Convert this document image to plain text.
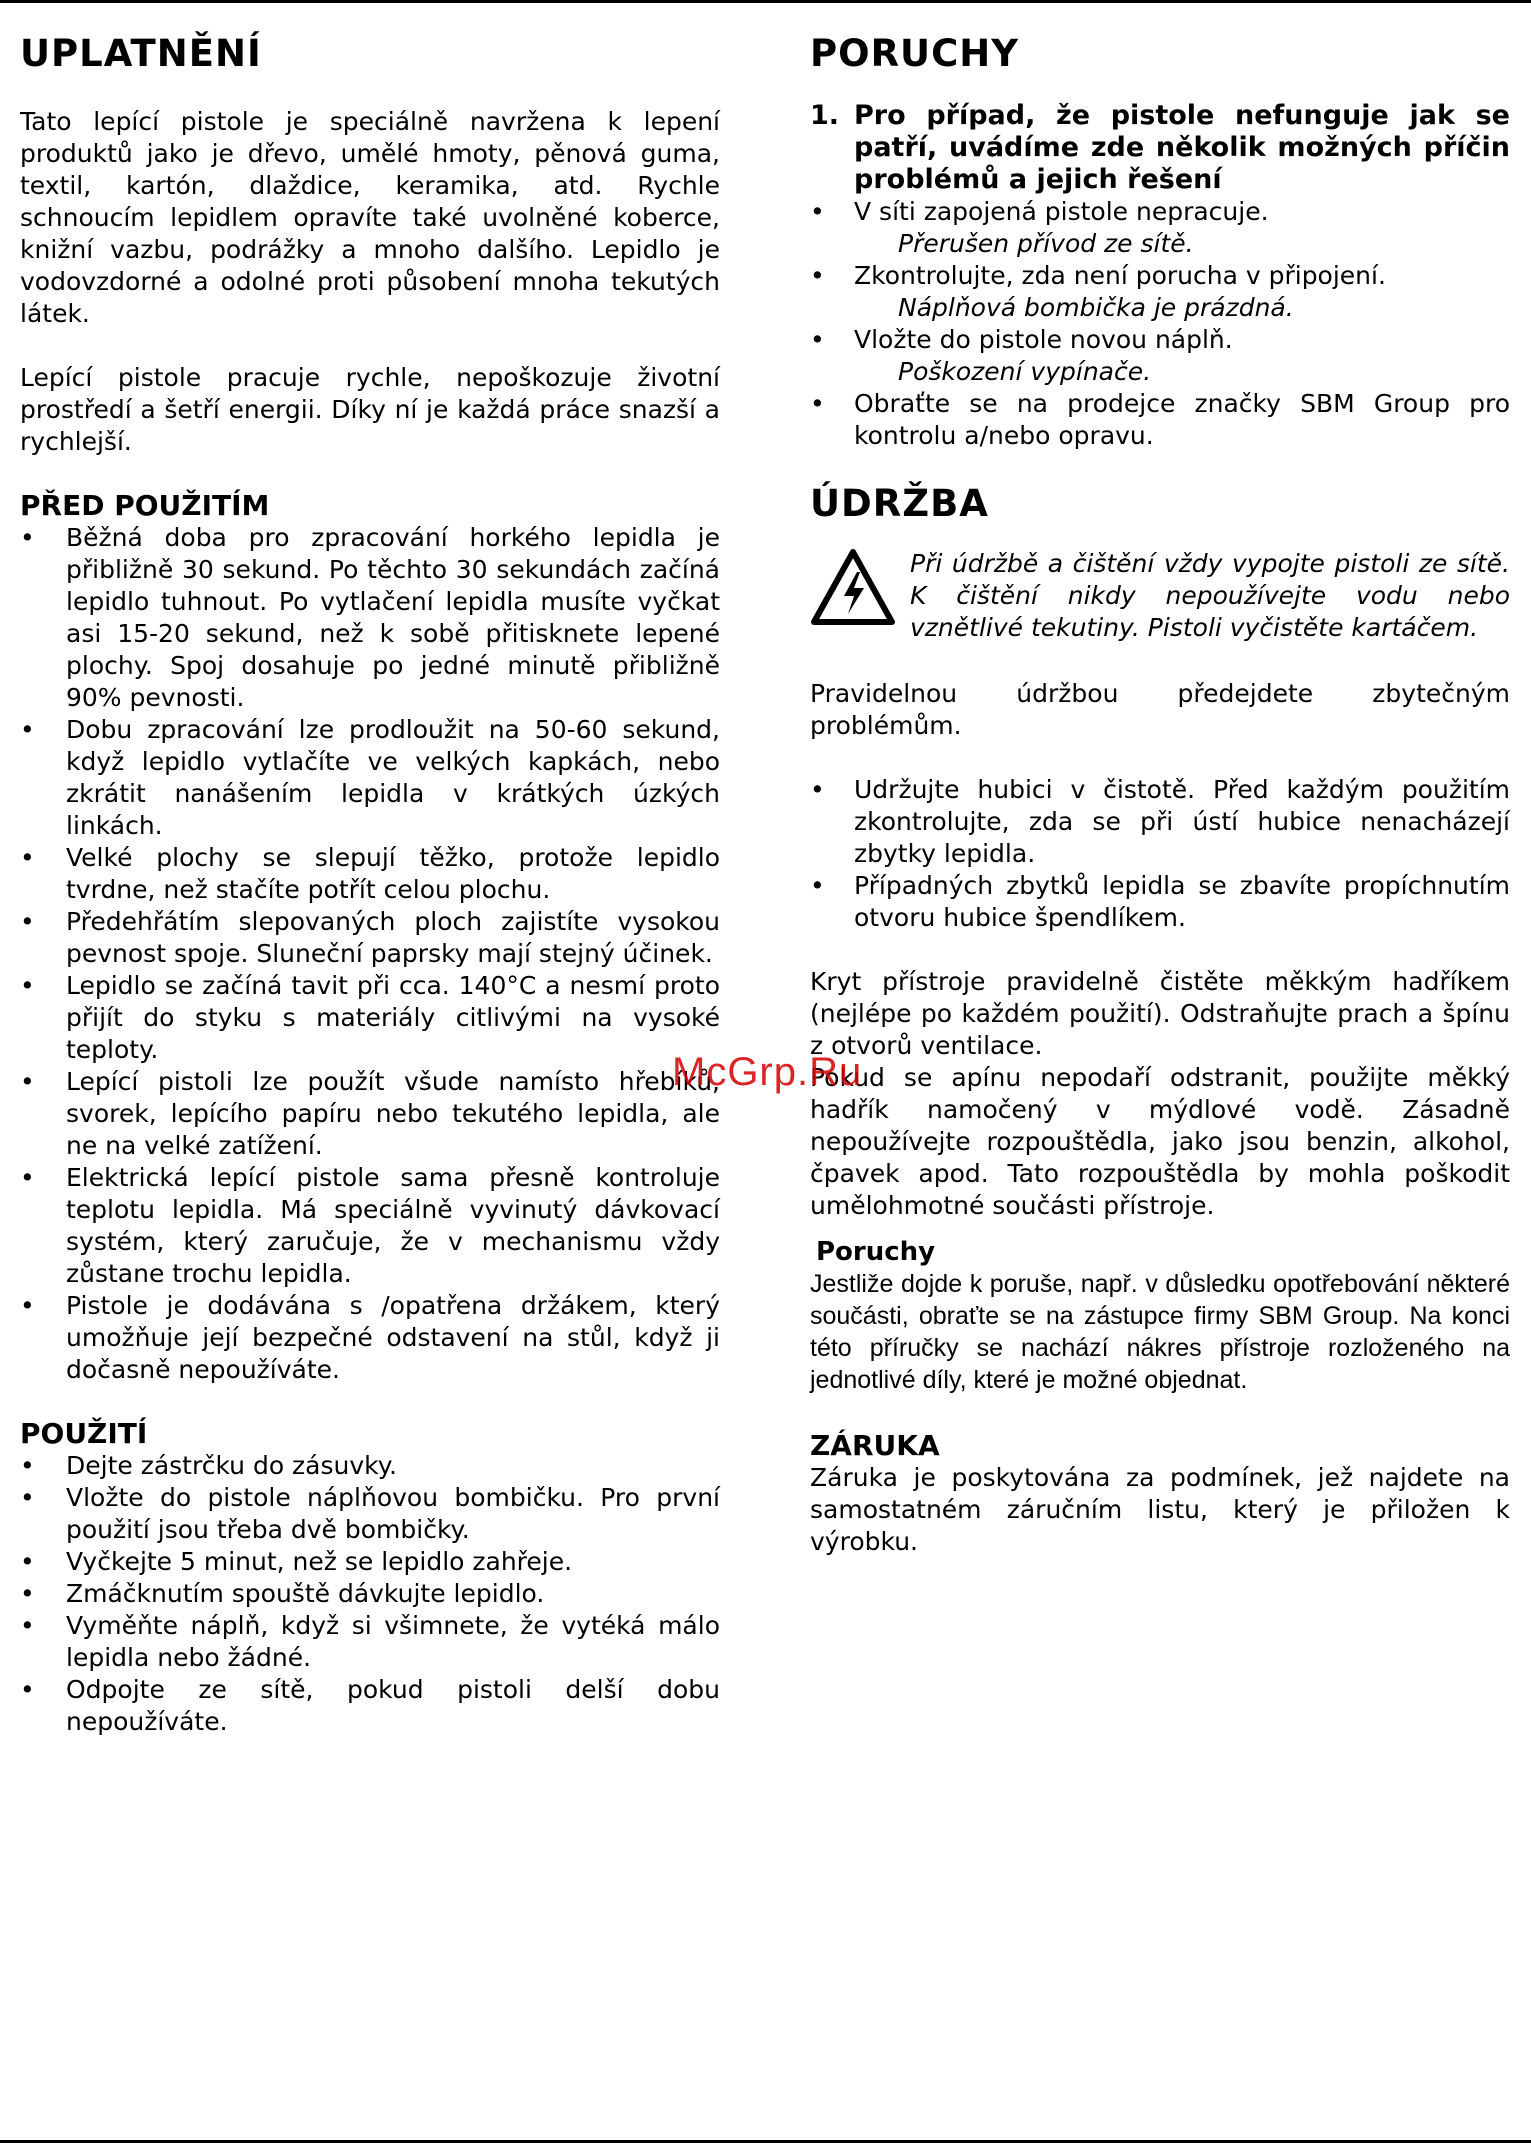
UPLATNĚNÍ

Tato lepící pistole je speciálně navržena k lepení produktů jako je dřevo, umělé hmoty, pěnová guma, textil, kartón, dlaždice, keramika, atd. Rychle schnoucím lepidlem opravíte také uvolněné koberce, knižní vazbu, podrážky a mnoho dalšího. Lepidlo je vodovzdorné a odolné proti působení mnoha tekutých látek.

Lepící pistole pracuje rychle, nepoškozuje životní prostředí a šetří energii. Díky ní je každá práce snazší a rychlejší.

PŘED POUŽITÍM
• Běžná doba pro zpracování horkého lepidla je přibližně 30 sekund. Po těchto 30 sekundách začíná lepidlo tuhnout. Po vytlačení lepidla musíte vyčkat asi 15-20 sekund, než k sobě přitisknete lepené plochy. Spoj dosahuje po jedné minutě přibližně 90% pevnosti.
• Dobu zpracování lze prodloužit na 50-60 sekund, když lepidlo vytlačíte ve velkých kapkách, nebo zkrátit nanášením lepidla v krátkých úzkých linkách.
• Velké plochy se slepují těžko, protože lepidlo tvrdne, než stačíte potřít celou plochu.
• Předehřátím slepovaných ploch zajistíte vysokou pevnost spoje. Sluneční paprsky mají stejný účinek.
• Lepidlo se začíná tavit při cca. 140°C a nesmí proto přijít do styku s materiály citlivými na vysoké teploty.
• Lepící pistoli lze použít všude namísto hřebíků, svorek, lepícího papíru nebo tekutého lepidla, ale ne na velké zatížení.
• Elektrická lepící pistole sama přesně kontroluje teplotu lepidla. Má speciálně vyvinutý dávkovací systém, který zaručuje, že v mechanismu vždy zůstane trochu lepidla.
• Pistole je dodávána s /opatřena držákem, který umožňuje její bezpečné odstavení na stůl, když ji dočasně nepoužíváte.
POUŽITÍ
• Dejte zástrčku do zásuvky.
• Vložte do pistole náplňovou bombičku. Pro první použití jsou třeba dvě bombičky.
• Vyčkejte 5 minut, než se lepidlo zahřeje.
• Zmáčknutím spouště dávkujte lepidlo.
• Vyměňte náplň, když si všimnete, že vytéká málo lepidla nebo žádné.
• Odpojte ze sítě, pokud pistoli delší dobu nepoužíváte.
PORUCHY

1. Pro případ, že pistole nefunguje jak se patří, uvádíme zde několik možných příčin problémů a jejich řešení

• V síti zapojená pistole nepracuje.
Přerušen přívod ze sítě.
• Zkontrolujte, zda není porucha v připojení.
Náplňová bombička je prázdná.
• Vložte do pistole novou náplň.
Poškození vypínače.
• Obraťte se na prodejce značky SBM Group pro kontrolu a/nebo opravu.
ÚDRŽBA
Při údržbě a čištění vždy vypojte pistoli ze sítě. K čištění nikdy nepoužívejte vodu nebo vznětlivé tekutiny. Pistoli vyčistěte kartáčem.

Pravidelnou údržbou předejdete zbytečným problémům.

• Udržujte hubici v čistotě. Před každým použitím zkontrolujte, zda se při ústí hubice nenacházejí zbytky lepidla.
• Případných zbytků lepidla se zbavíte propíchnutím otvoru hubice špendlíkem.

Kryt přístroje pravidelně čistěte měkkým hadříkem (nejlépe po každém použití). Odstraňujte prach a špínu z otvorů ventilace.

Pokud se apínu nepodaří odstranit, použijte měkký hadřík namočený v mýdlové vodě. Zásadně nepoužívejte rozpouštědla, jako jsou benzin, alkohol, čpavek apod. Tato rozpouštědla by mohla poškodit umělohmotné součásti přístroje.

Poruchy

Jestliže dojde k poruše, např. v důsledku opotřebování některé součásti, obraťte se na zástupce firmy SBM Group. Na konci této příručky se nachází nákres přístroje rozloženého na jednotlivé díly, které je možné objednat.

ZÁRUKA

Záruka je poskytována za podmínek, jež najdete na samostatném záručním listu, který je přiložen k výrobku.

McGrp.Ru
